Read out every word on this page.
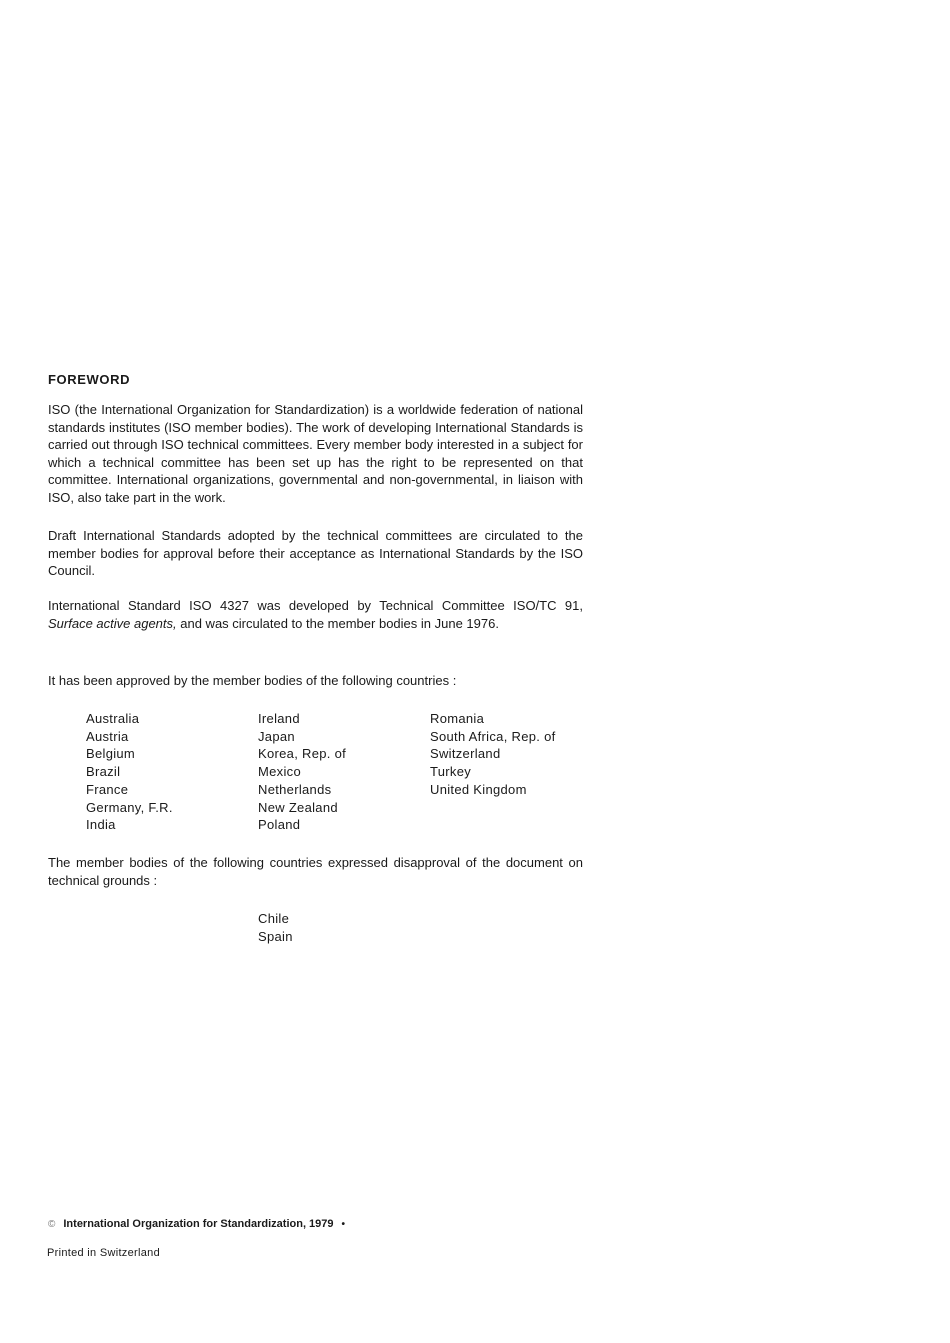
FOREWORD

ISO (the International Organization for Standardization) is a worldwide federation of national standards institutes (ISO member bodies). The work of developing International Standards is carried out through ISO technical committees. Every member body interested in a subject for which a technical committee has been set up has the right to be represented on that committee. International organizations, governmental and non-governmental, in liaison with ISO, also take part in the work.

Draft International Standards adopted by the technical committees are circulated to the member bodies for approval before their acceptance as International Standards by the ISO Council.

International Standard ISO 4327 was developed by Technical Committee ISO/TC 91, Surface active agents, and was circulated to the member bodies in June 1976.

It has been approved by the member bodies of the following countries :

Australia
Austria
Belgium
Brazil
France
Germany, F.R.
India
Ireland
Japan
Korea, Rep. of
Mexico
Netherlands
New Zealand
Poland
Romania
South Africa, Rep. of
Switzerland
Turkey
United Kingdom

The member bodies of the following countries expressed disapproval of the document on technical grounds :

Chile
Spain
© International Organization for Standardization, 1979 •
Printed in Switzerland
